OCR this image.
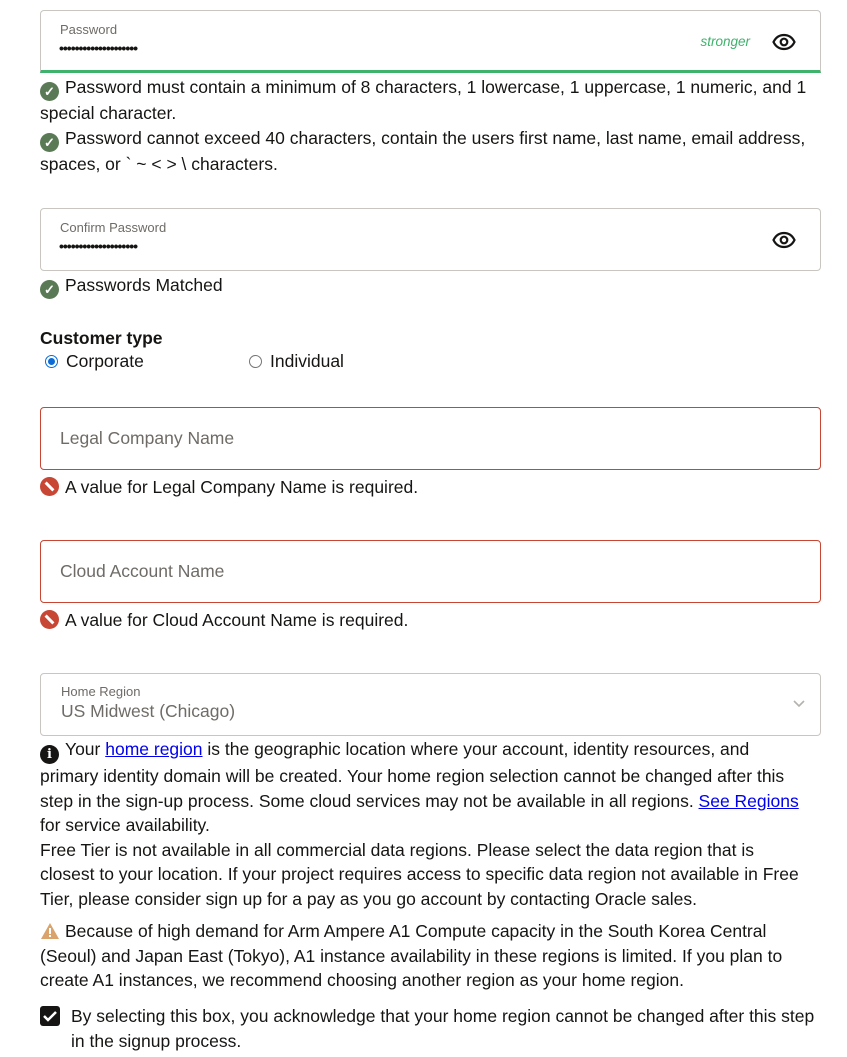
Password
••••••••••••••••••••	stronger
✓ Password must contain a minimum of 8 characters, 1 lowercase, 1 uppercase, 1 numeric, and 1 special character.
✓ Password cannot exceed 40 characters, contain the users first name, last name, email address, spaces, or ` ~ < > \ characters.
Confirm Password
••••••••••••••••••••
✓ Passwords Matched
Customer type
Corporate	Individual
Legal Company Name
A value for Legal Company Name is required.
Cloud Account Name
A value for Cloud Account Name is required.
Home Region
US Midwest (Chicago)
i Your home region is the geographic location where your account, identity resources, and primary identity domain will be created. Your home region selection cannot be changed after this step in the sign-up process. Some cloud services may not be available in all regions. See Regions for service availability.
Free Tier is not available in all commercial data regions. Please select the data region that is closest to your location. If your project requires access to specific data region not available in Free Tier, please consider sign up for a pay as you go account by contacting Oracle sales.
Because of high demand for Arm Ampere A1 Compute capacity in the South Korea Central (Seoul) and Japan East (Tokyo), A1 instance availability in these regions is limited. If you plan to create A1 instances, we recommend choosing another region as your home region.
By selecting this box, you acknowledge that your home region cannot be changed after this step in the signup process.
